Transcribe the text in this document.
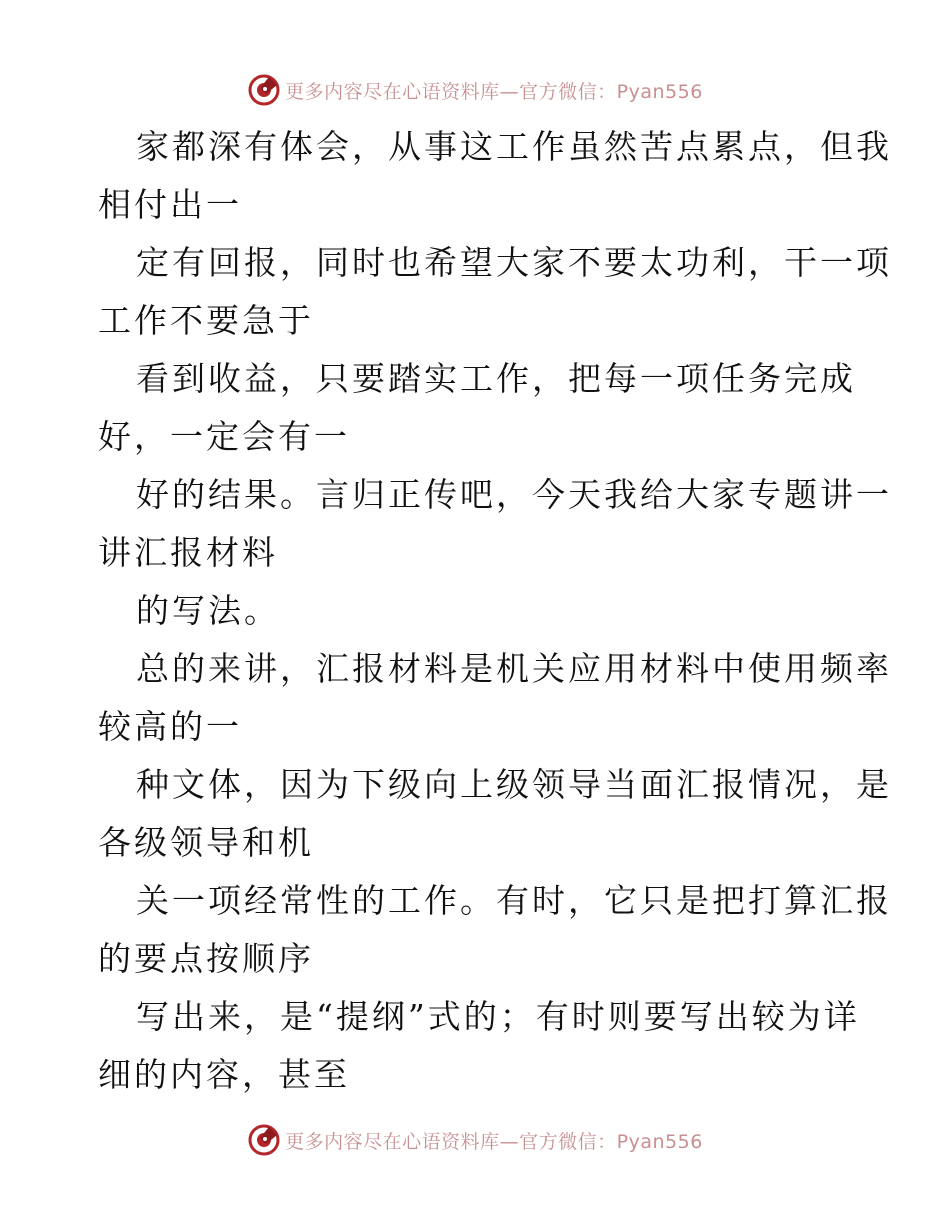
更多内容尽在心语资料库—官方微信：Pyan556

家都深有体会，从事这工作虽然苦点累点，但我
相付出一

定有回报，同时也希望大家不要太功利，干一项
工作不要急于

看到收益，只要踏实工作，把每一项任务完成
好，一定会有一

好的结果。言归正传吧，今天我给大家专题讲一
讲汇报材料

的写法。

总的来讲，汇报材料是机关应用材料中使用频率
较高的一

种文体，因为下级向上级领导当面汇报情况，是
各级领导和机

关一项经常性的工作。有时，它只是把打算汇报
的要点按顺序

写出来，是“提纲”式的；有时则要写出较为详
细的内容，甚至

更多内容尽在心语资料库—官方微信：Pyan556
